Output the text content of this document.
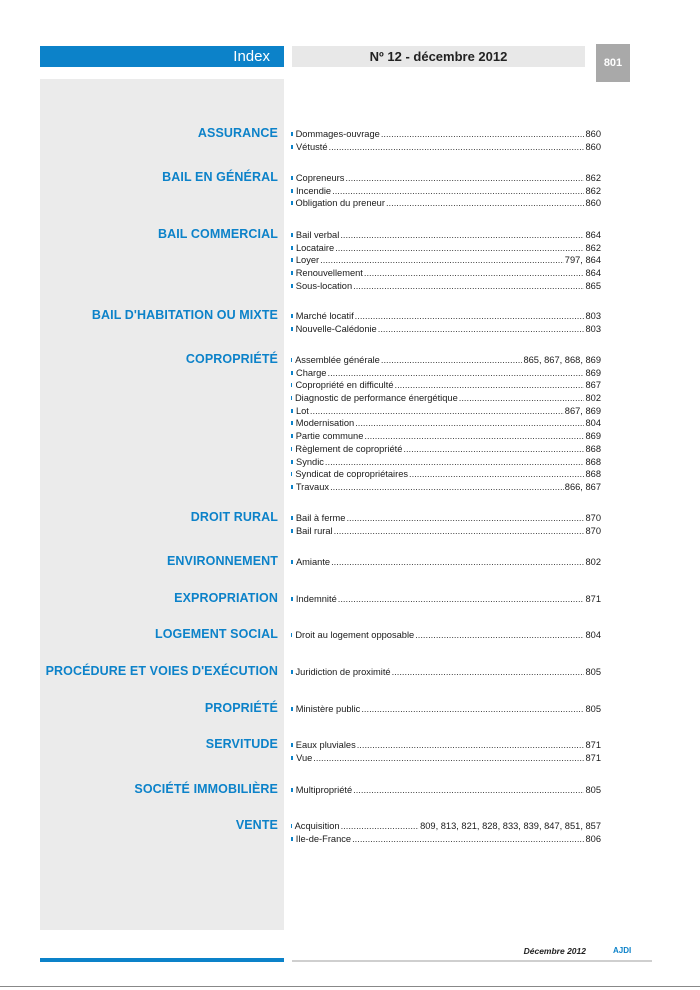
Index	Nº 12 - décembre 2012	801
ASSURANCE Dommages-ouvrage .....	860
Vétusté .....	860
BAIL EN GÉNÉRAL Copreneurs .....	862
Incendie .....	862
Obligation du preneur .....	860
BAIL COMMERCIAL Bail verbal .....	864
Locataire .....	862
Loyer .....	797, 864
Renouvellement .....	864
Sous-location .....	865
BAIL D'HABITATION OU MIXTE Marché locatif .....	803
Nouvelle-Calédonie .....	803
COPROPRIÉTÉ Assemblée générale .....	865, 867, 868, 869
Charge .....	869
Copropriété en difficulté .....	867
Diagnostic de performance énergétique .....	802
Lot .....	867, 869
Modernisation .....	804
Partie commune .....	869
Règlement de copropriété .....	868
Syndic .....	868
Syndicat de copropriétaires .....	868
Travaux .....	866, 867
DROIT RURAL Bail à ferme .....	870
Bail rural .....	870
ENVIRONNEMENT Amiante .....	802
EXPROPRIATION Indemnité .....	871
LOGEMENT SOCIAL Droit au logement opposable .....	804
PROCÉDURE ET VOIES D'EXÉCUTION Juridiction de proximité .....	805
PROPRIÉTÉ Ministère public .....	805
SERVITUDE Eaux pluviales .....	871
Vue .....	871
SOCIÉTÉ IMMOBILIÈRE Multipropriété .....	805
VENTE Acquisition .....	809, 813, 821, 828, 833, 839, 847, 851, 857
Ile-de-France .....	806
Décembre 2012	AJDI
